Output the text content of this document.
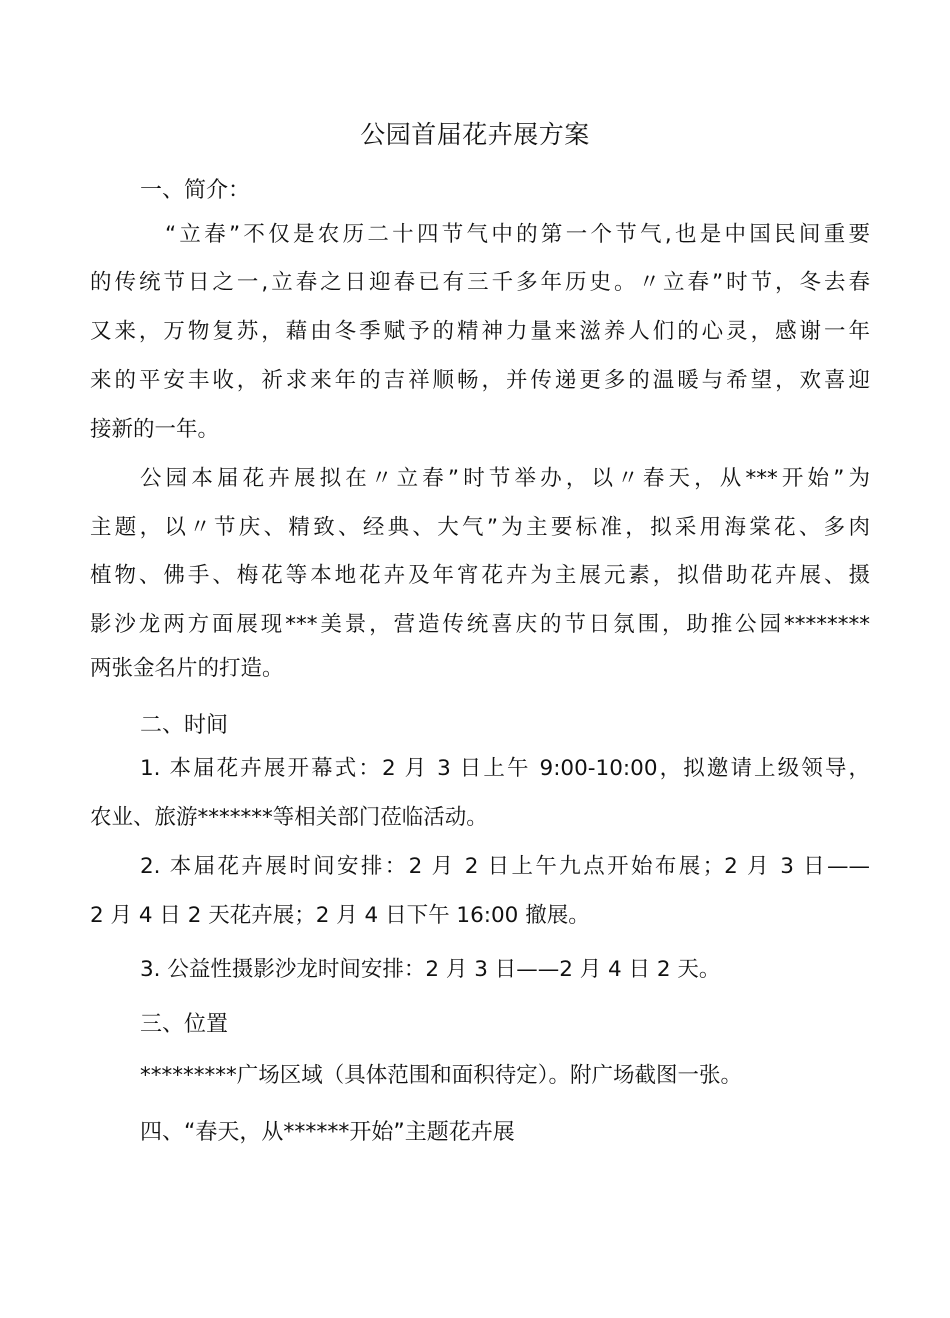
公园首届花卉展方案
一、简介：
“立春”不仅是农历二十四节气中的第一个节气,也是中国民间重要
的传统节日之一,立春之日迎春已有三千多年历史。〃立春”时节，冬去春
又来，万物复苏，藉由冬季赋予的精神力量来滋养人们的心灵，感谢一年
来的平安丰收，祈求来年的吉祥顺畅，并传递更多的温暖与希望，欢喜迎
接新的一年。
公园本届花卉展拟在〃立春”时节举办，以〃春天，从***开始”为
主题，以〃节庆、精致、经典、大气”为主要标准，拟采用海棠花、多肉
植物、佛手、梅花等本地花卉及年宵花卉为主展元素，拟借助花卉展、摄
影沙龙两方面展现***美景，营造传统喜庆的节日氛围，助推公园********
两张金名片的打造。
二、时间
1. 本届花卉展开幕式：2 月 3 日上午 9:00-10:00，拟邀请上级领导，
农业、旅游*******等相关部门莅临活动。
2. 本届花卉展时间安排：2 月 2 日上午九点开始布展；2 月 3 日——
2 月 4 日 2 天花卉展；2 月 4 日下午 16:00 撤展。
3. 公益性摄影沙龙时间安排：2 月 3 日——2 月 4 日 2 天。
三、位置
*********广场区域（具体范围和面积待定）。附广场截图一张。
四、“春天，从******开始”主题花卉展
